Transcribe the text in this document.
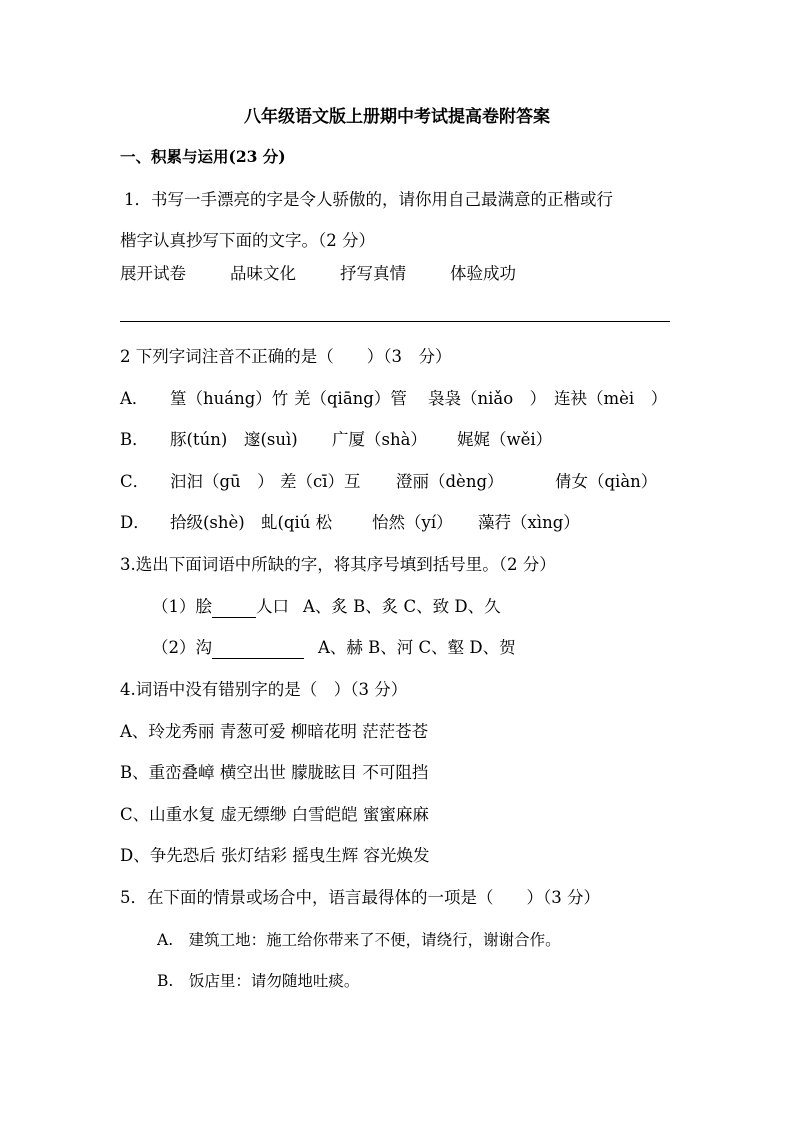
八年级语文版上册期中考试提高卷附答案
一、积累与运用(23 分)
1．书写一手漂亮的字是令人骄傲的，请你用自己最满意的正楷或行
楷字认真抄写下面的文字。（2 分）
展开试卷	品味文化	抒写真情	体验成功
2 下列字词注音不正确的是（　　）（3　分）
A． 篁（huáng）竹 羌（qiāng）管 袅袅（niǎo　） 连袂（mèi　）
B． 豚(tún) 邃(suì) 广厦（shà） 娓娓（wěi）
C． 汩汩（gū　） 差（cī）互 澄丽（dèng）	倩女（qiàn）
D． 拾级(shè) 虬(qiú 松 怡然（yí） 藻荇（xìng）
3.选出下面词语中所缺的字，将其序号填到括号里。（2 分）
（1）脍	人口 A、炙 B、炙 C、致 D、久
（2）沟	A、赫 B、河 C、壑 D、贺
4.词语中没有错别字的是（　）（3 分）
A、玲龙秀丽 青葱可爱 柳暗花明 茫茫苍苍
B、重峦叠嶂 横空出世 朦胧眩目 不可阻挡
C、山重水复 虚无缥缈 白雪皑皑 蜜蜜麻麻
D、争先恐后 张灯结彩 摇曳生辉 容光焕发
5．在下面的情景或场合中，语言最得体的一项是（　　）（3 分）
A.　建筑工地：施工给你带来了不便，请绕行，谢谢合作。
B.　饭店里：请勿随地吐痰。
